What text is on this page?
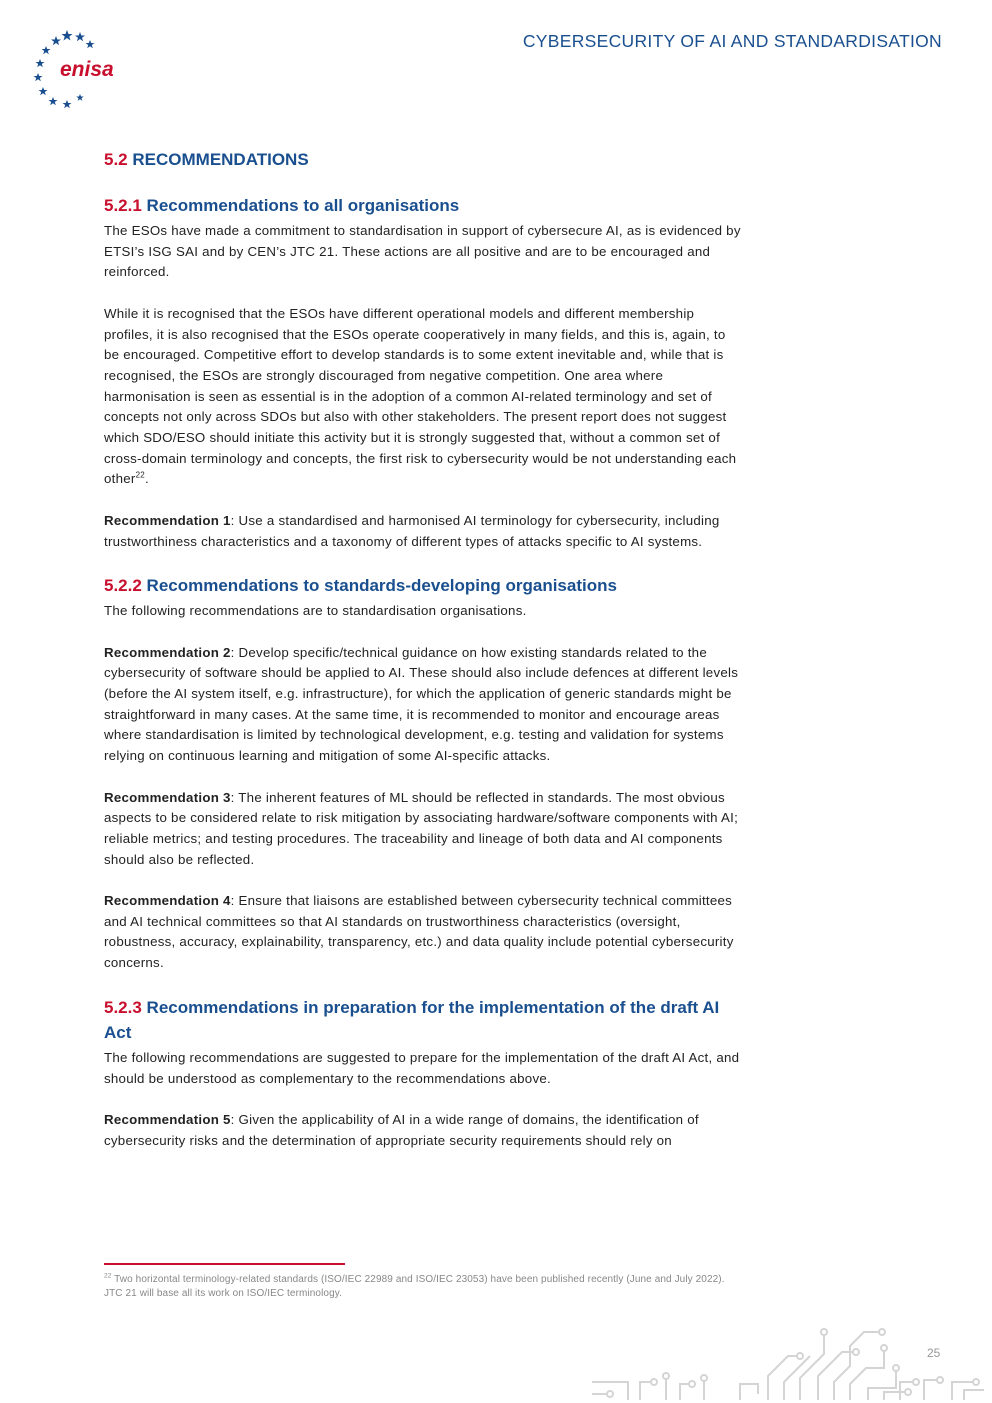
enisa
CYBERSECURITY OF AI AND STANDARDISATION
5.2 RECOMMENDATIONS
5.2.1 Recommendations to all organisations

The ESOs have made a commitment to standardisation in support of cybersecure AI, as is evidenced by ETSI’s ISG SAI and by CEN’s JTC 21. These actions are all positive and are to be encouraged and reinforced.

While it is recognised that the ESOs have different operational models and different membership profiles, it is also recognised that the ESOs operate cooperatively in many fields, and this is, again, to be encouraged. Competitive effort to develop standards is to some extent inevitable and, while that is recognised, the ESOs are strongly discouraged from negative competition. One area where harmonisation is seen as essential is in the adoption of a common AI-related terminology and set of concepts not only across SDOs but also with other stakeholders. The present report does not suggest which SDO/ESO should initiate this activity but it is strongly suggested that, without a common set of cross-domain terminology and concepts, the first risk to cybersecurity would be not understanding each other$^{22}$.

Recommendation 1: Use a standardised and harmonised AI terminology for cybersecurity, including trustworthiness characteristics and a taxonomy of different types of attacks specific to AI systems.

5.2.2 Recommendations to standards-developing organisations

The following recommendations are to standardisation organisations.

Recommendation 2: Develop specific/technical guidance on how existing standards related to the cybersecurity of software should be applied to AI. These should also include defences at different levels (before the AI system itself, e.g. infrastructure), for which the application of generic standards might be straightforward in many cases. At the same time, it is recommended to monitor and encourage areas where standardisation is limited by technological development, e.g. testing and validation for systems relying on continuous learning and mitigation of some AI-specific attacks.

Recommendation 3: The inherent features of ML should be reflected in standards. The most obvious aspects to be considered relate to risk mitigation by associating hardware/software components with AI; reliable metrics; and testing procedures. The traceability and lineage of both data and AI components should also be reflected.

Recommendation 4: Ensure that liaisons are established between cybersecurity technical committees and AI technical committees so that AI standards on trustworthiness characteristics (oversight, robustness, accuracy, explainability, transparency, etc.) and data quality include potential cybersecurity concerns.

5.2.3 Recommendations in preparation for the implementation of the draft AI Act

The following recommendations are suggested to prepare for the implementation of the draft AI Act, and should be understood as complementary to the recommendations above.

Recommendation 5: Given the applicability of AI in a wide range of domains, the identification of cybersecurity risks and the determination of appropriate security requirements should rely on

$^{22}$ Two horizontal terminology-related standards (ISO/IEC 22989 and ISO/IEC 23053) have been published recently (June and July 2022). JTC 21 will base all its work on ISO/IEC terminology.
25
